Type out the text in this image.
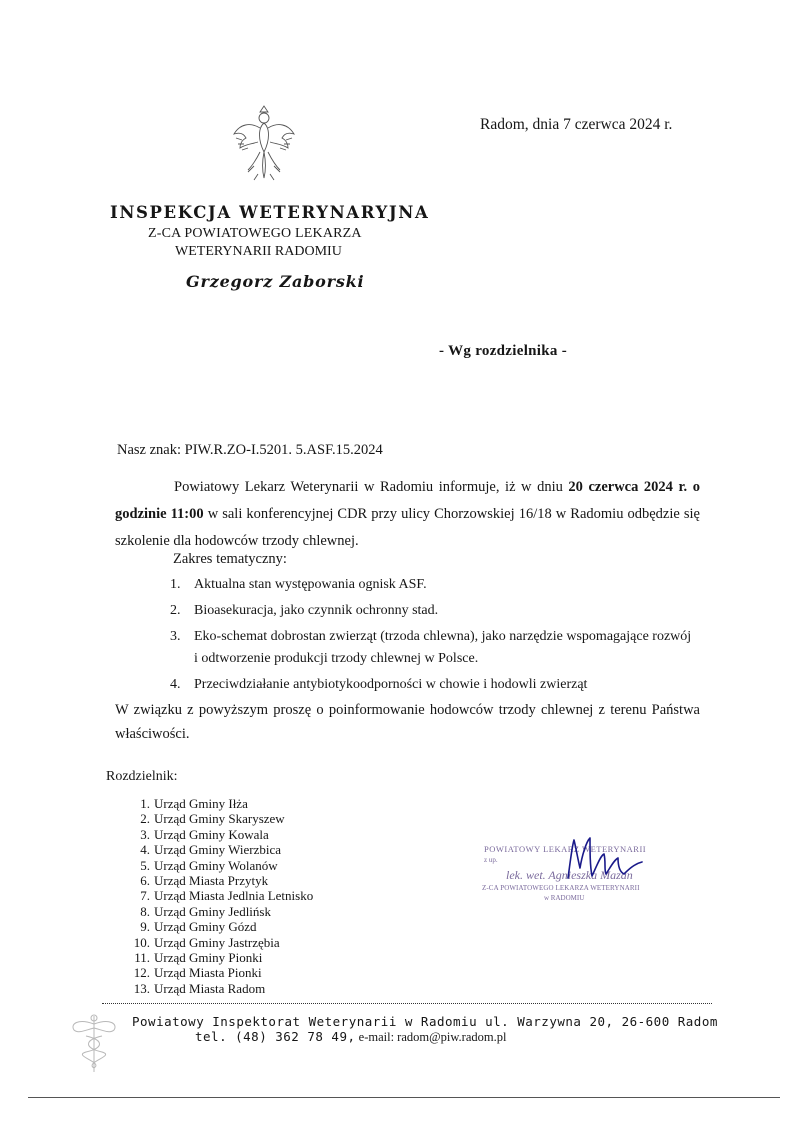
Radom, dnia 7 czerwca 2024 r.
INSPEKCJA WETERYNARYJNA
Z-CA POWIATOWEGO LEKARZA
WETERYNARII RADOMIU
Grzegorz Zaborski
- Wg rozdzielnika -
Nasz znak: PIW.R.ZO-I.5201. 5.ASF.15.2024
Powiatowy Lekarz Weterynarii w Radomiu informuje, iż w dniu 20 czerwca 2024 r. o godzinie 11:00 w sali konferencyjnej CDR przy ulicy Chorzowskiej 16/18 w Radomiu odbędzie się szkolenie dla hodowców trzody chlewnej.
Zakres tematyczny:
1. Aktualna stan występowania ognisk ASF.
2. Bioasekuracja, jako czynnik ochronny stad.
3. Eko-schemat dobrostan zwierząt (trzoda chlewna), jako narzędzie wspomagające rozwój
i odtworzenie produkcji trzody chlewnej w Polsce.
4. Przeciwdziałanie antybiotykoodporności w chowie i hodowli zwierząt
W związku z powyższym proszę o poinformowanie hodowców trzody chlewnej z terenu Państwa właściwości.
Rozdzielnik:
1. Urząd Gminy Iłża
2. Urząd Gminy Skaryszew
3. Urząd Gminy Kowala
4. Urząd Gminy Wierzbica
5. Urząd Gminy Wolanów
6. Urząd Miasta Przytyk
7. Urząd Miasta Jedlnia Letnisko
8. Urząd Gminy Jedlińsk
9. Urząd Gminy Gózd
10. Urząd Gminy Jastrzębia
11. Urząd Gminy Pionki
12. Urząd Miasta Pionki
13. Urząd Miasta Radom
POWIATOWY LEKARZ WETERYNARII
z up.
lek. wet. Agnieszka Mazan
Z-CA POWIATOWEGO LEKARZA WETERYNARII
w RADOMIU
Powiatowy Inspektorat Weterynarii w Radomiu ul. Warzywna 20, 26-600 Radom
tel. (48) 362 78 49, e-mail: radom@piw.radom.pl
